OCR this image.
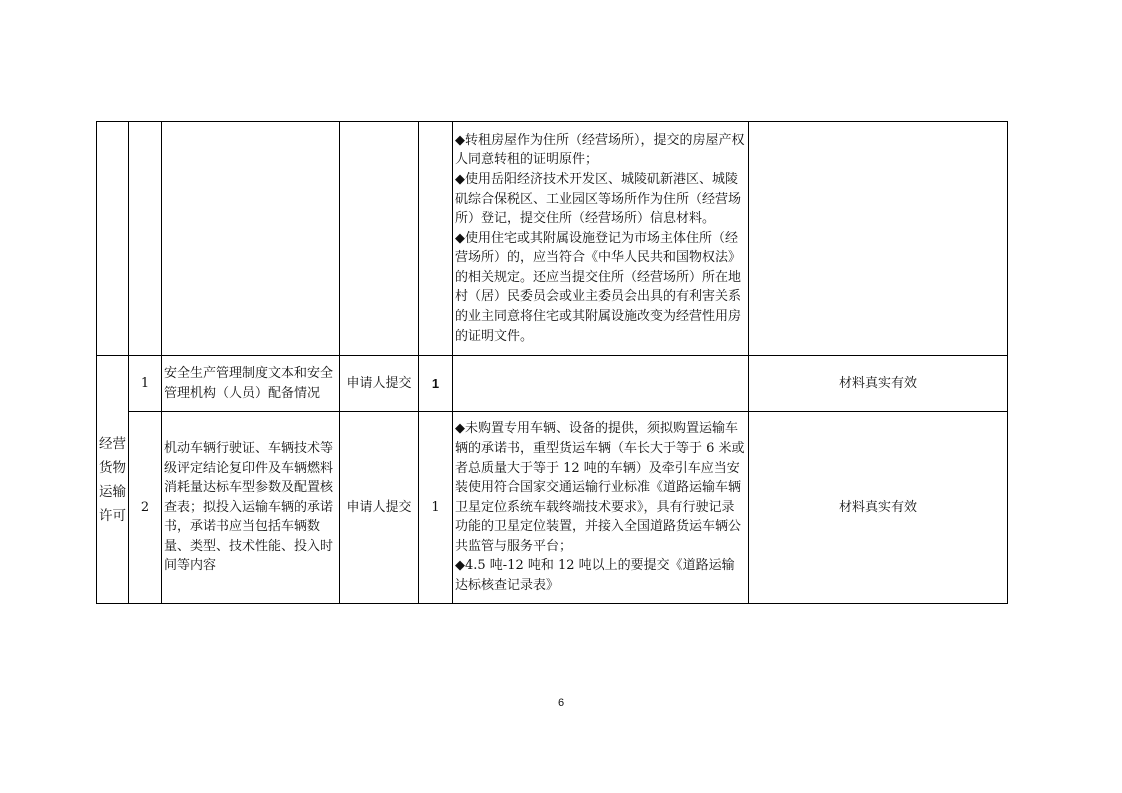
					◆转租房屋作为住所（经营场所），提交的房屋产权人同意转租的证明原件；
◆使用岳阳经济技术开发区、城陵矶新港区、城陵矶综合保税区、工业园区等场所作为住所（经营场所）登记，提交住所（经营场所）信息材料。
◆使用住宅或其附属设施登记为市场主体住所（经营场所）的，应当符合《中华人民共和国物权法》的相关规定。还应当提交住所（经营场所）所在地村（居）民委员会或业主委员会出具的有利害关系的业主同意将住宅或其附属设施改变为经营性用房的证明文件。	

经营货物运输许可	1	安全生产管理制度文本和安全管理机构（人员）配备情况	申请人提交	1		材料真实有效
	2	机动车辆行驶证、车辆技术等级评定结论复印件及车辆燃料消耗量达标车型参数及配置核查表；拟投入运输车辆的承诺书，承诺书应当包括车辆数量、类型、技术性能、投入时间等内容	申请人提交	1	◆未购置专用车辆、设备的提供，须拟购置运输车辆的承诺书，重型货运车辆（车长大于等于 6 米或者总质量大于等于 12 吨的车辆）及牵引车应当安装使用符合国家交通运输行业标准《道路运输车辆卫星定位系统车载终端技术要求》，具有行驶记录功能的卫星定位装置，并接入全国道路货运车辆公共监管与服务平台；
◆4.5 吨-12 吨和 12 吨以上的要提交《道路运输达标核查记录表》	材料真实有效
6
